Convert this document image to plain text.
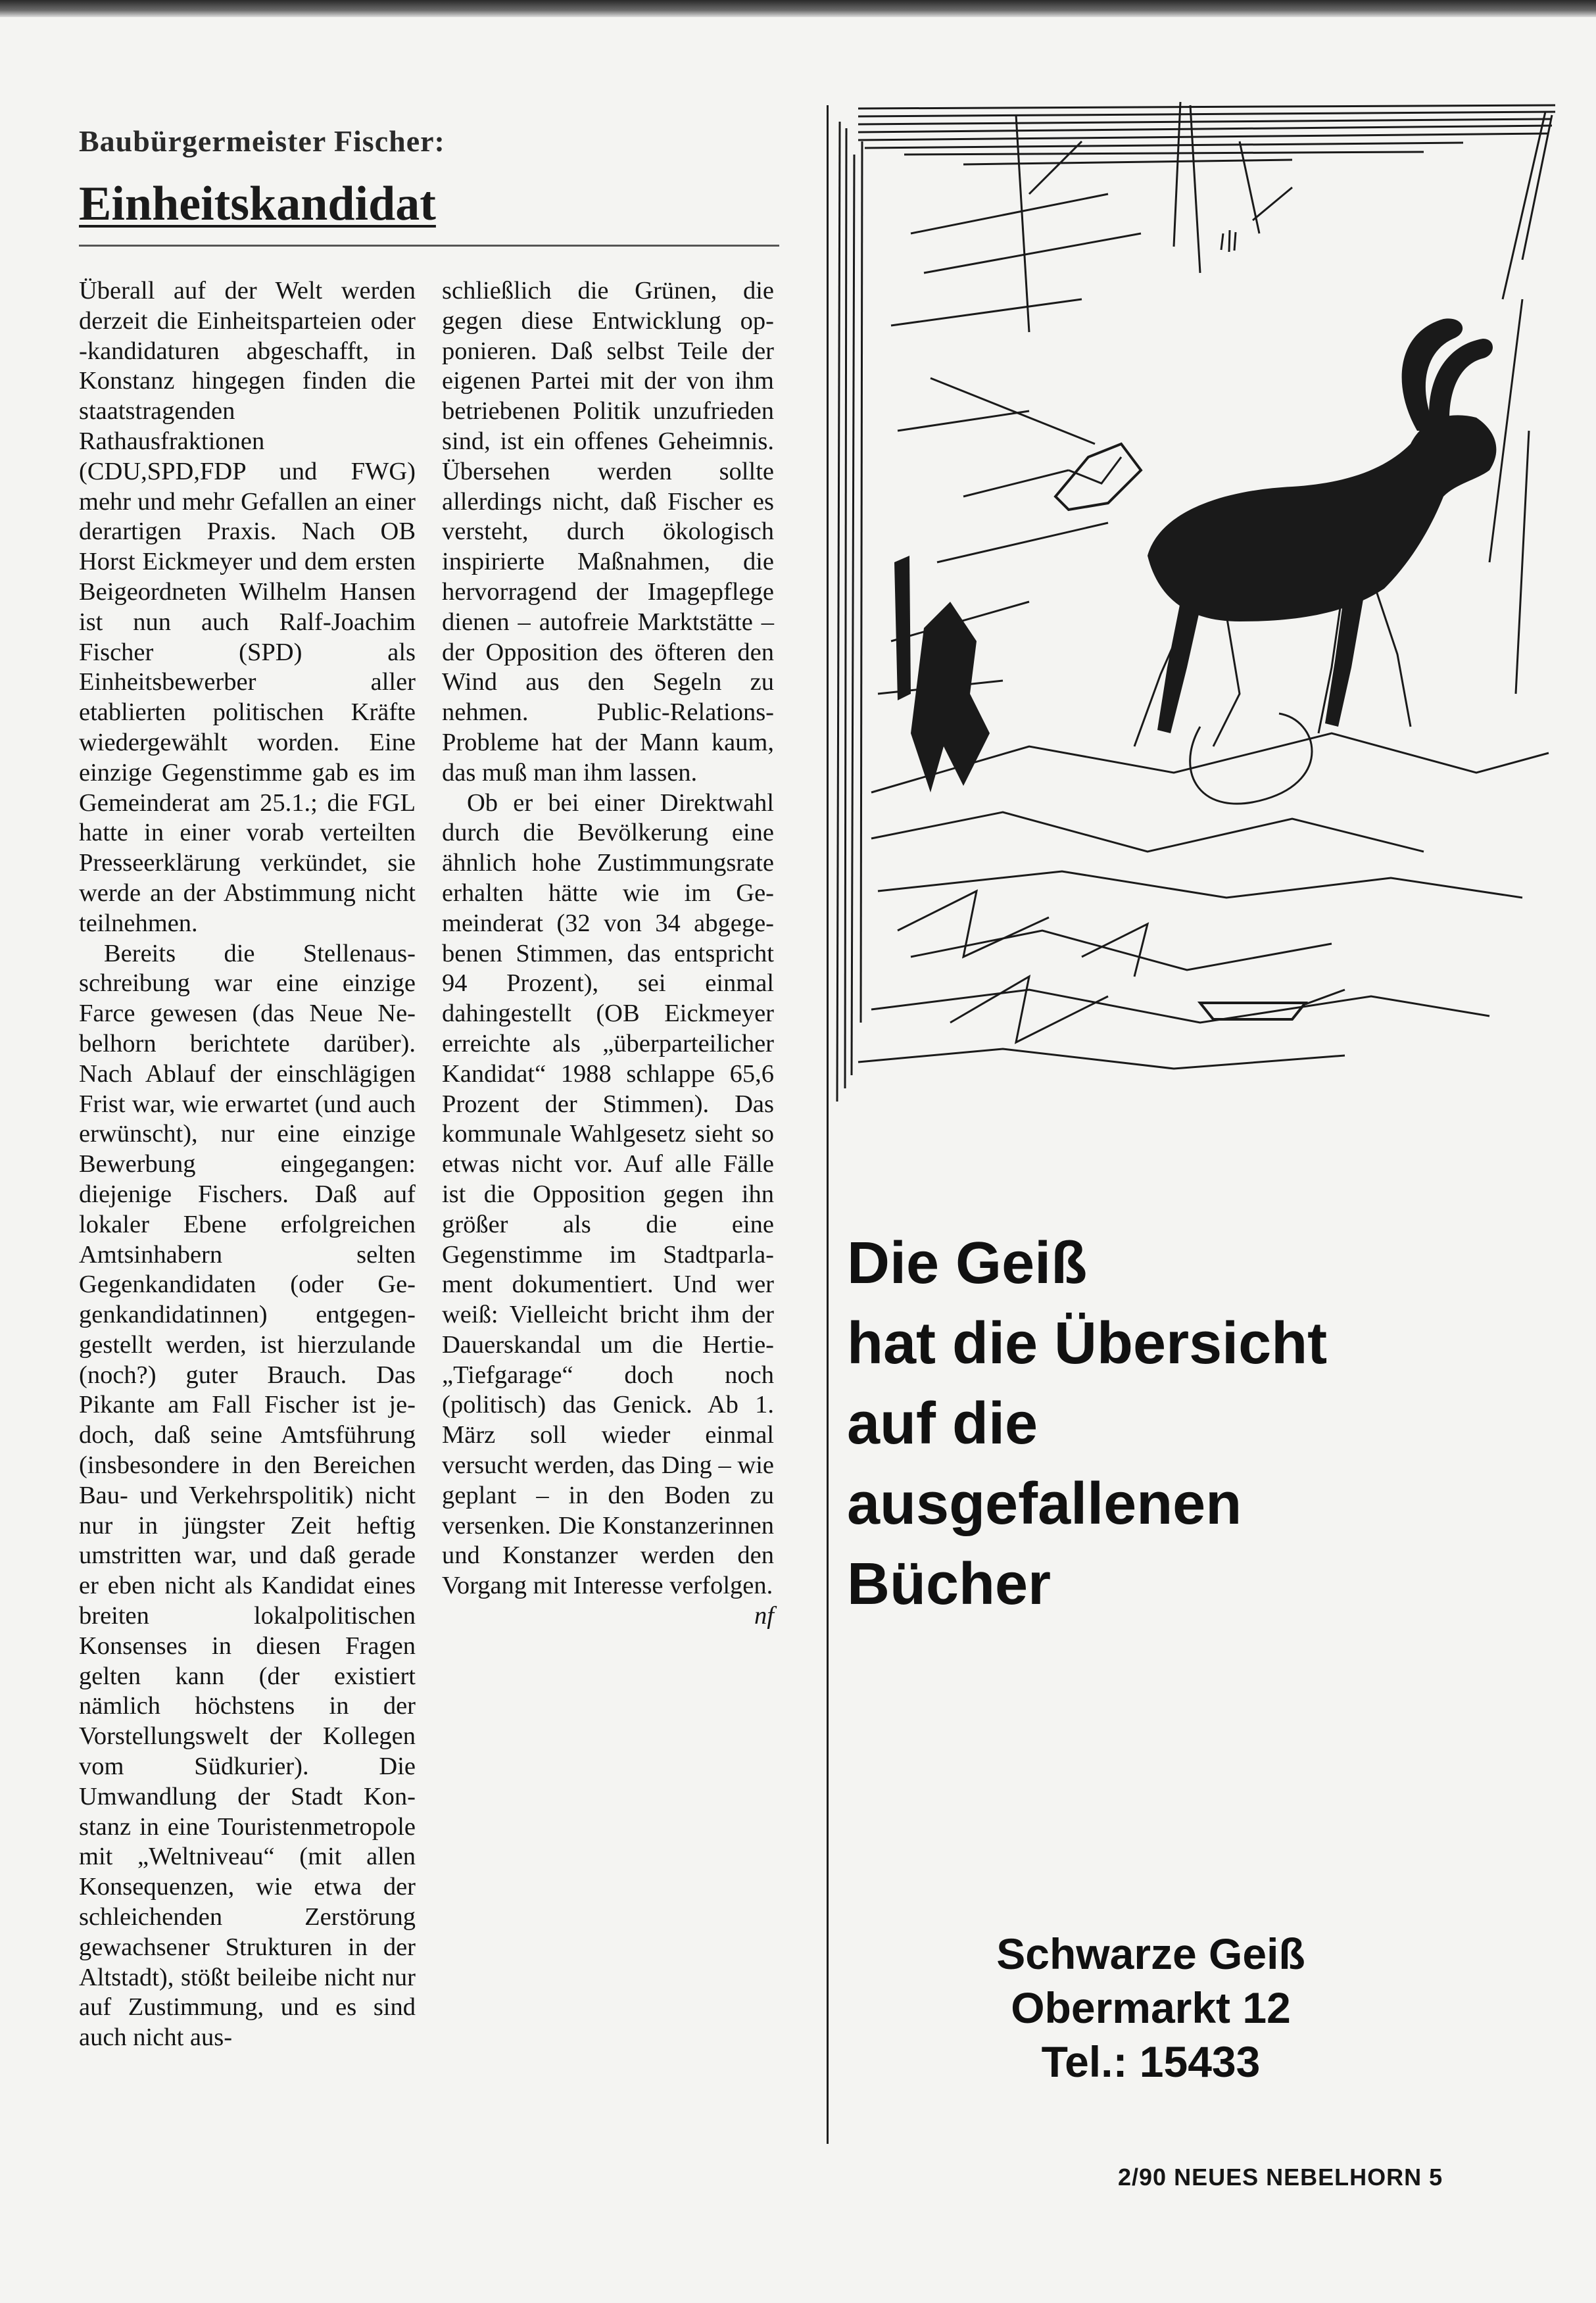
Baubürgermeister Fischer:
Einheitskandidat

Überall auf der Welt werden derzeit die Einheitsparteien oder -kandidaturen abgeschafft, in Konstanz hingegen finden die staatstragenden Rathausfraktionen (CDU,SPD,FDP und FWG) mehr und mehr Gefallen an einer derartigen Praxis. Nach OB Horst Eickmeyer und dem ersten Beigeordneten Wilhelm Hansen ist nun auch Ralf-Joachim Fischer (SPD) als Einheitsbewerber aller etablierten politischen Kräfte wiedergewählt worden. Eine einzige Gegenstimme gab es im Gemeinderat am 25.1.; die FGL hatte in einer vorab verteilten Presseerklärung verkündet, sie werde an der Abstimmung nicht teilnehmen.

Bereits die Stellenausschreibung war eine einzige Farce gewesen (das Neue Nebelhorn berichtete darüber). Nach Ablauf der einschlägigen Frist war, wie erwartet (und auch erwünscht), nur eine einzige Bewerbung eingegangen: diejenige Fischers. Daß auf lokaler Ebene erfolgreichen Amtsinhabern selten Gegenkandidaten (oder Gegenkandidatinnen) entgegengestellt werden, ist hierzulande (noch?) guter Brauch. Das Pikante am Fall Fischer ist jedoch, daß seine Amtsführung (insbesondere in den Bereichen Bau- und Verkehrspolitik) nicht nur in jüngster Zeit heftig umstritten war, und daß gerade er eben nicht als Kandidat eines breiten lokalpolitischen Konsenses in diesen Fragen gelten kann (der existiert nämlich höchstens in der Vorstellungswelt der Kollegen vom Südkurier). Die Umwandlung der Stadt Konstanz in eine Touristenmetropole mit „Weltniveau“ (mit allen Konsequenzen, wie etwa der schleichenden Zerstörung gewachsener Strukturen in der Altstadt), stößt beileibe nicht nur auf Zustimmung, und es sind auch nicht aus-

schließlich die Grünen, die gegen diese Entwicklung opponieren. Daß selbst Teile der eigenen Partei mit der von ihm betriebenen Politik unzufrieden sind, ist ein offenes Geheimnis. Übersehen werden sollte allerdings nicht, daß Fischer es versteht, durch ökologisch inspirierte Maßnahmen, die hervorragend der Imagepflege dienen – autofreie Marktstätte – der Opposition des öfteren den Wind aus den Segeln zu nehmen. Public-Relations-Probleme hat der Mann kaum, das muß man ihm lassen.

Ob er bei einer Direktwahl durch die Bevölkerung eine ähnlich hohe Zustimmungsrate erhalten hätte wie im Gemeinderat (32 von 34 abgegebenen Stimmen, das entspricht 94 Prozent), sei einmal dahingestellt (OB Eickmeyer erreichte als „überparteilicher Kandidat“ 1988 schlappe 65,6 Prozent der Stimmen). Das kommunale Wahlgesetz sieht so etwas nicht vor. Auf alle Fälle ist die Opposition gegen ihn größer als die eine Gegenstimme im Stadtparlament dokumentiert. Und wer weiß: Vielleicht bricht ihm der Dauerskandal um die Hertie-„Tiefgarage“ doch noch (politisch) das Genick. Ab 1. März soll wieder einmal versucht werden, das Ding – wie geplant – in den Boden zu versenken. Die Konstanzerinnen und Konstanzer werden den Vorgang mit Interesse verfolgen.
nf

Die Geiß
hat die Übersicht
auf die
ausgefallenen
Bücher
Schwarze Geiß
Obermarkt 12
Tel.: 15433
2/90 NEUES NEBELHORN 5
